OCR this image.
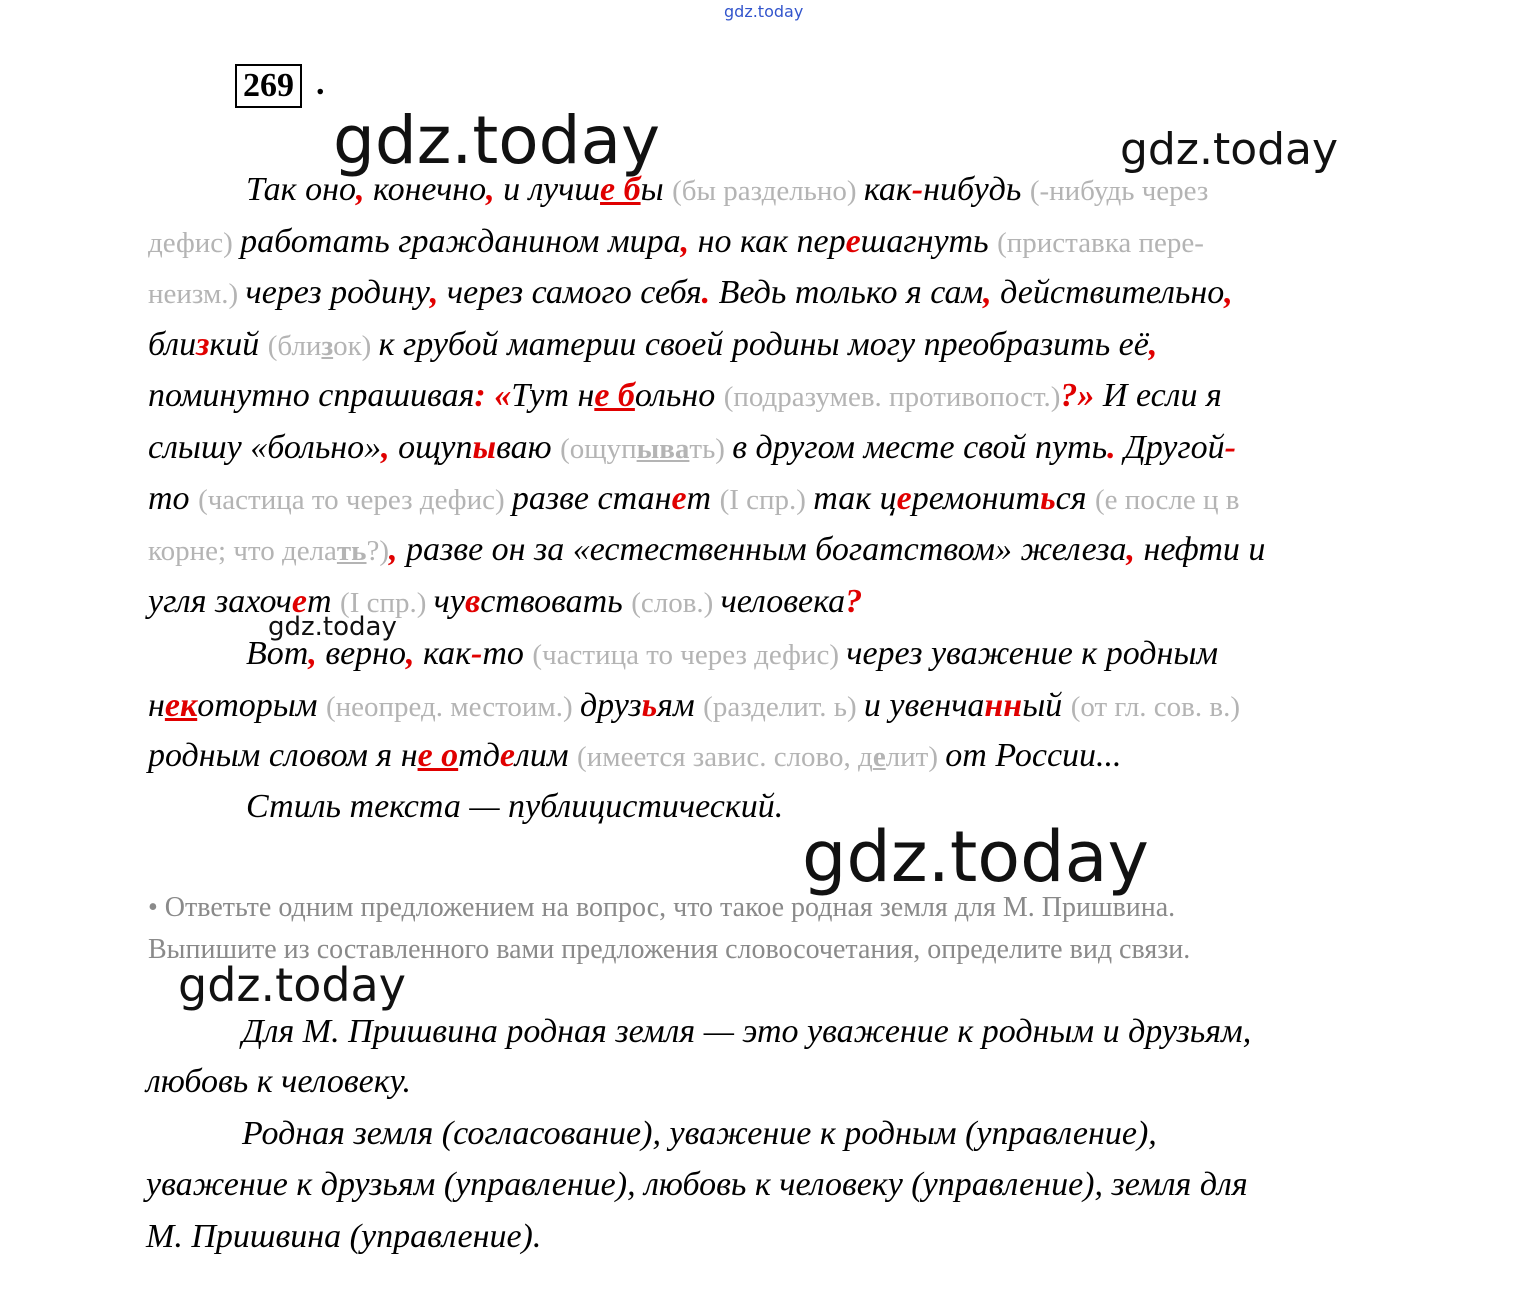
gdz.today
gdz.today	gdz.today
gdz.today
gdz.today
gdz.today
269 .
Так оно, конечно, и лучше бы (бы раздельно) как-нибудь (-нибудь через
дефис) работать гражданином мира, но как перешагнуть (приставка пере-
неизм.) через родину, через самого себя. Ведь только я сам, действительно,
близкий (близок) к грубой материи своей родины могу преобразить её,
поминутно спрашивая: «Тут не больно (подразумев. противопост.)?» И если я
слышу «больно», ощупываю (ощупывать) в другом месте свой путь. Другой-
то (частица то через дефис) разве станет (I спр.) так церемониться (е после ц в
корне; что делать?), разве он за «естественным богатством» железа, нефти и
угля захочет (I спр.) чувствовать (слов.) человека?
Вот, верно, как-то (частица то через дефис) через уважение к родным
некоторым (неопред. местоим.) друзьям (разделит. ь) и увенчанный (от гл. сов. в.)
родным словом я не отделим (имеется завис. слово, делит) от России...
Стиль текста — публицистический.
• Ответьте одним предложением на вопрос, что такое родная земля для М. Пришвина.
Выпишите из составленного вами предложения словосочетания, определите вид связи.
Для М. Пришвина родная земля — это уважение к родным и друзьям,
любовь к человеку.
Родная земля (согласование), уважение к родным (управление),
уважение к друзьям (управление), любовь к человеку (управление), земля для
М. Пришвина (управление).
